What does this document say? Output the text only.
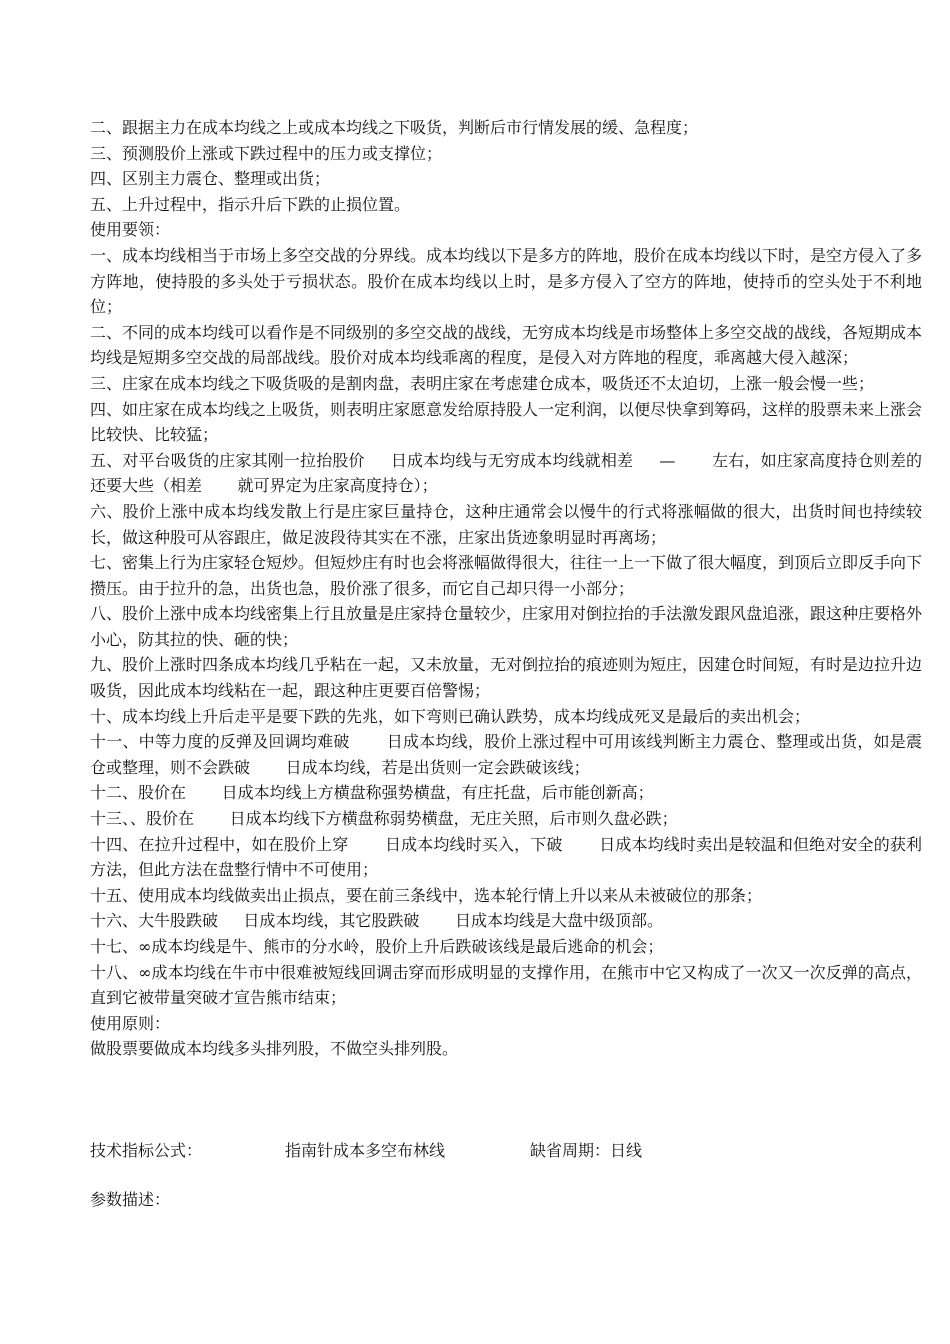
二、跟据主力在成本均线之上或成本均线之下吸货，判断后市行情发展的缓、急程度；

三、预测股价上涨或下跌过程中的压力或支撑位；

四、区别主力震仓、整理或出货；

五、上升过程中，指示升后下跌的止损位置。

使用要领：

一、成本均线相当于市场上多空交战的分界线。成本均线以下是多方的阵地，股价在成本均线以下时，是空方侵入了多方阵地，使持股的多头处于亏损状态。股价在成本均线以上时，是多方侵入了空方的阵地，使持币的空头处于不利地位；

二、不同的成本均线可以看作是不同级别的多空交战的战线，无穷成本均线是市场整体上多空交战的战线，各短期成本均线是短期多空交战的局部战线。股价对成本均线乖离的程度，是侵入对方阵地的程度，乖离越大侵入越深；

三、庄家在成本均线之下吸货吸的是割肉盘，表明庄家在考虑建仓成本，吸货还不太迫切，上涨一般会慢一些；

四、如庄家在成本均线之上吸货，则表明庄家愿意发给原持股人一定利润，以便尽快拿到筹码，这样的股票未来上涨会比较快、比较猛；

五、对平台吸货的庄家其刚一拉抬股价     日成本均线与无穷成本均线就相差     —       左右，如庄家高度持仓则差的还要大些（相差       就可界定为庄家高度持仓）；

六、股价上涨中成本均线发散上行是庄家巨量持仓，这种庄通常会以慢牛的行式将涨幅做的很大，出货时间也持续较长，做这种股可从容跟庄，做足波段待其实在不涨，庄家出货迹象明显时再离场；

七、密集上行为庄家轻仓短炒。但短炒庄有时也会将涨幅做得很大，往往一上一下做了很大幅度，到顶后立即反手向下攒压。由于拉升的急，出货也急，股价涨了很多，而它自己却只得一小部分；

八、股价上涨中成本均线密集上行且放量是庄家持仓量较少，庄家用对倒拉抬的手法激发跟风盘追涨，跟这种庄要格外小心，防其拉的快、砸的快；

九、股价上涨时四条成本均线几乎粘在一起，又未放量，无对倒拉抬的痕迹则为短庄，因建仓时间短，有时是边拉升边吸货，因此成本均线粘在一起，跟这种庄更要百倍警惕；

十、成本均线上升后走平是要下跌的先兆，如下弯则已确认跌势，成本均线成死叉是最后的卖出机会；

十一、中等力度的反弹及回调均难破       日成本均线，股价上涨过程中可用该线判断主力震仓、整理或出货，如是震仓或整理，则不会跌破       日成本均线，若是出货则一定会跌破该线；

十二、股价在       日成本均线上方横盘称强势横盘，有庄托盘，后市能创新高；

十三、、股价在       日成本均线下方横盘称弱势横盘，无庄关照，后市则久盘必跌；

十四、在拉升过程中，如在股价上穿       日成本均线时买入，下破       日成本均线时卖出是较温和但绝对安全的获利方法，但此方法在盘整行情中不可使用；

十五、使用成本均线做卖出止损点，要在前三条线中，选本轮行情上升以来从未被破位的那条；

十六、大牛股跌破     日成本均线，其它股跌破       日成本均线是大盘中级顶部。

十七、∞成本均线是牛、熊市的分水岭，股价上升后跌破该线是最后逃命的机会；

十八、∞成本均线在牛市中很难被短线回调击穿而形成明显的支撑作用，在熊市中它又构成了一次又一次反弹的高点，直到它被带量突破才宣告熊市结束；

使用原则：

做股票要做成本均线多头排列股，不做空头排列股。

技术指标公式：

	指南针成本多空布林线

	缺省周期：日线

参数描述：
